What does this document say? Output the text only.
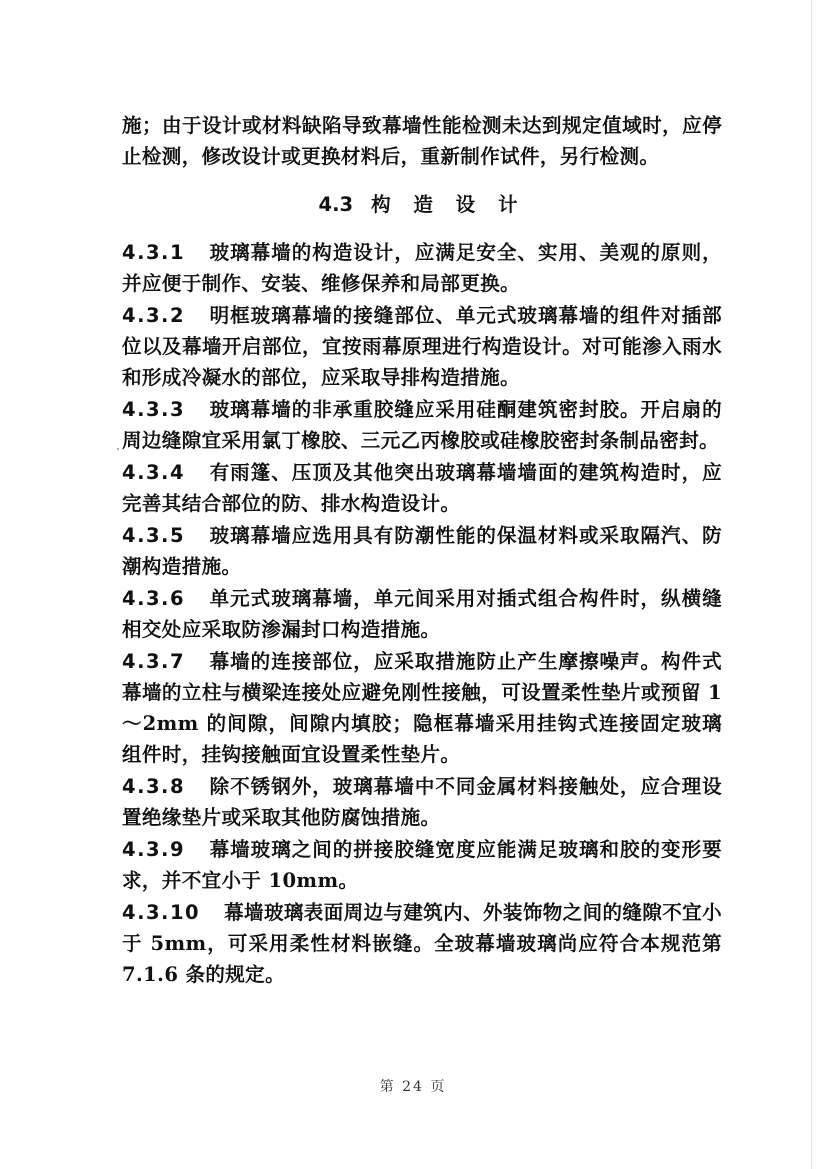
施；由于设计或材料缺陷导致幕墙性能检测未达到规定值域时，应停止检测，修改设计或更换材料后，重新制作试件，另行检测。

4.3 构 造 设 计

4.3.1 玻璃幕墙的构造设计，应满足安全、实用、美观的原则，并应便于制作、安装、维修保养和局部更换。

4.3.2 明框玻璃幕墙的接缝部位、单元式玻璃幕墙的组件对插部位以及幕墙开启部位，宜按雨幕原理进行构造设计。对可能渗入雨水和形成冷凝水的部位，应采取导排构造措施。

4.3.3 玻璃幕墙的非承重胶缝应采用硅酮建筑密封胶。开启扇的周边缝隙宜采用氯丁橡胶、三元乙丙橡胶或硅橡胶密封条制品密封。

4.3.4 有雨篷、压顶及其他突出玻璃幕墙墙面的建筑构造时，应完善其结合部位的防、排水构造设计。

4.3.5 玻璃幕墙应选用具有防潮性能的保温材料或采取隔汽、防潮构造措施。

4.3.6 单元式玻璃幕墙，单元间采用对插式组合构件时，纵横缝相交处应采取防渗漏封口构造措施。

4.3.7 幕墙的连接部位，应采取措施防止产生摩擦噪声。构件式幕墙的立柱与横梁连接处应避免刚性接触，可设置柔性垫片或预留 1～2mm 的间隙，间隙内填胶；隐框幕墙采用挂钩式连接固定玻璃组件时，挂钩接触面宜设置柔性垫片。

4.3.8 除不锈钢外，玻璃幕墙中不同金属材料接触处，应合理设置绝缘垫片或采取其他防腐蚀措施。

4.3.9 幕墙玻璃之间的拼接胶缝宽度应能满足玻璃和胶的变形要求，并不宜小于 10mm。

4.3.10 幕墙玻璃表面周边与建筑内、外装饰物之间的缝隙不宜小于 5mm，可采用柔性材料嵌缝。全玻幕墙玻璃尚应符合本规范第 7.1.6 条的规定。

第 24 页
